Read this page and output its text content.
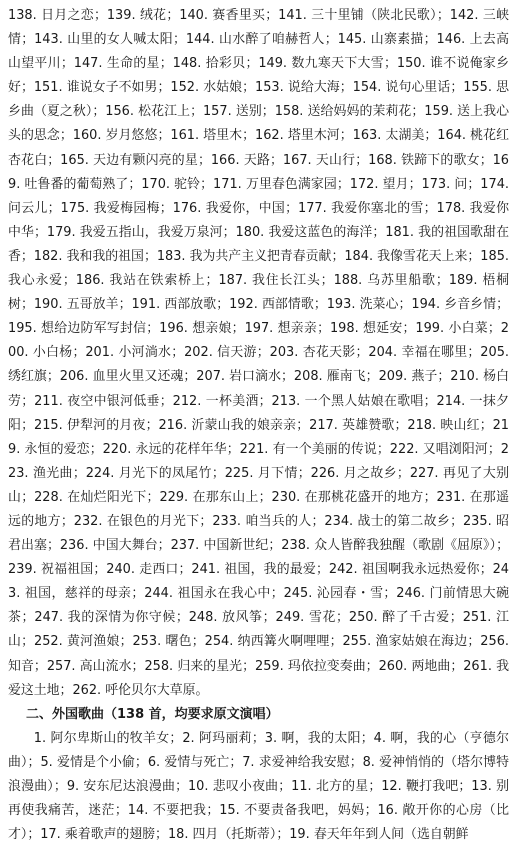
138. 日月之恋；139. 绒花；140. 赛香里买；141. 三十里铺（陕北民歌）；142. 三峡情；143. 山里的女人喊太阳；144. 山水醉了咱赫哲人；145. 山寨素描；146. 上去高山望平川；147. 生命的星；148. 拾彩贝；149. 数九寒天下大雪；150. 谁不说俺家乡好；151. 谁说女子不如男；152. 水姑娘；153. 说给大海；154. 说句心里话；155. 思乡曲（夏之秋）；156. 松花江上；157. 送别；158. 送给妈妈的茉莉花；159. 送上我心头的思念；160. 岁月悠悠；161. 塔里木；162. 塔里木河；163. 太湖美；164. 桃花红杏花白；165. 天边有颗闪亮的星；166. 天路；167. 天山行；168. 铁蹄下的歌女；169. 吐鲁番的葡萄熟了；170. 驼铃；171. 万里春色满家园；172. 望月；173. 问；174. 问云儿；175. 我爱梅园梅；176. 我爱你，中国；177. 我爱你塞北的雪；178. 我爱你中华；179. 我爱五指山，我爱万泉河；180. 我爱这蓝色的海洋；181. 我的祖国歌甜在香；182. 我和我的祖国；183. 我为共产主义把青春贡献；184. 我像雪花天上来；185. 我心永爱；186. 我站在铁索桥上；187. 我住长江头；188. 乌苏里船歌；189. 梧桐树；190. 五哥放羊；191. 西部放歌；192. 西部情歌；193. 洗菜心；194. 乡音乡情；195. 想给边防军写封信；196. 想亲娘；197. 想亲亲；198. 想延安；199. 小白菜；200. 小白杨；201. 小河淌水；202. 信天游；203. 杏花天影；204. 幸福在哪里；205. 绣红旗；206. 血里火里又还魂；207. 岩口滴水；208. 雁南飞；209. 燕子；210. 杨白劳；211. 夜空中银河低垂；212. 一杯美酒；213. 一个黑人姑娘在歌唱；214. 一抹夕阳；215. 伊犁河的月夜；216. 沂蒙山我的娘亲亲；217. 英雄赞歌；218. 映山红；219. 永恒的爱恋；220. 永远的花样年华；221. 有一个美丽的传说；222. 又唱浏阳河；223. 渔光曲；224. 月光下的凤尾竹；225. 月下情；226. 月之故乡；227. 再见了大别山；228. 在灿烂阳光下；229. 在那东山上；230. 在那桃花盛开的地方；231. 在那遥远的地方；232. 在银色的月光下；233. 咱当兵的人；234. 战士的第二故乡；235. 昭君出塞；236. 中国大舞台；237. 中国新世纪；238. 众人皆醉我独醒（歌剧《屈原》）；239. 祝福祖国；240. 走西口；241. 祖国，我的最爱；242. 祖国啊我永远热爱你；243. 祖国，慈祥的母亲；244. 祖国永在我心中；245. 沁园春・雪；246. 门前情思大碗茶；247. 我的深情为你守候；248. 放风筝；249. 雪花；250. 醉了千古爱；251. 江山；252. 黄河渔娘；253. 曙色；254. 纳西篝火啊哩哩；255. 渔家姑娘在海边；256. 知音；257. 高山流水；258. 归来的星光；259. 玛依拉变奏曲；260. 两地曲；261. 我爱这土地；262. 呼伦贝尔大草原。

二、外国歌曲（138 首，均要求原文演唱）

1. 阿尔卑斯山的牧羊女；2. 阿玛丽莉；3. 啊，我的太阳；4. 啊，我的心（亨德尔曲）；5. 爱情是个小偷；6. 爱情与死亡；7. 求爱神给我安慰；8. 爱神悄悄的（塔尔博特浪漫曲）；9. 安东尼达浪漫曲；10. 悲叹小夜曲；11. 北方的星；12. 鞭打我吧；13. 别再使我痛苦，迷茫；14. 不要把我；15. 不要责备我吧，妈妈；16. 敞开你的心房（比才）；17. 乘着歌声的翅膀；18. 四月（托斯蒂）；19. 春天年年到人间（选自朝鲜
